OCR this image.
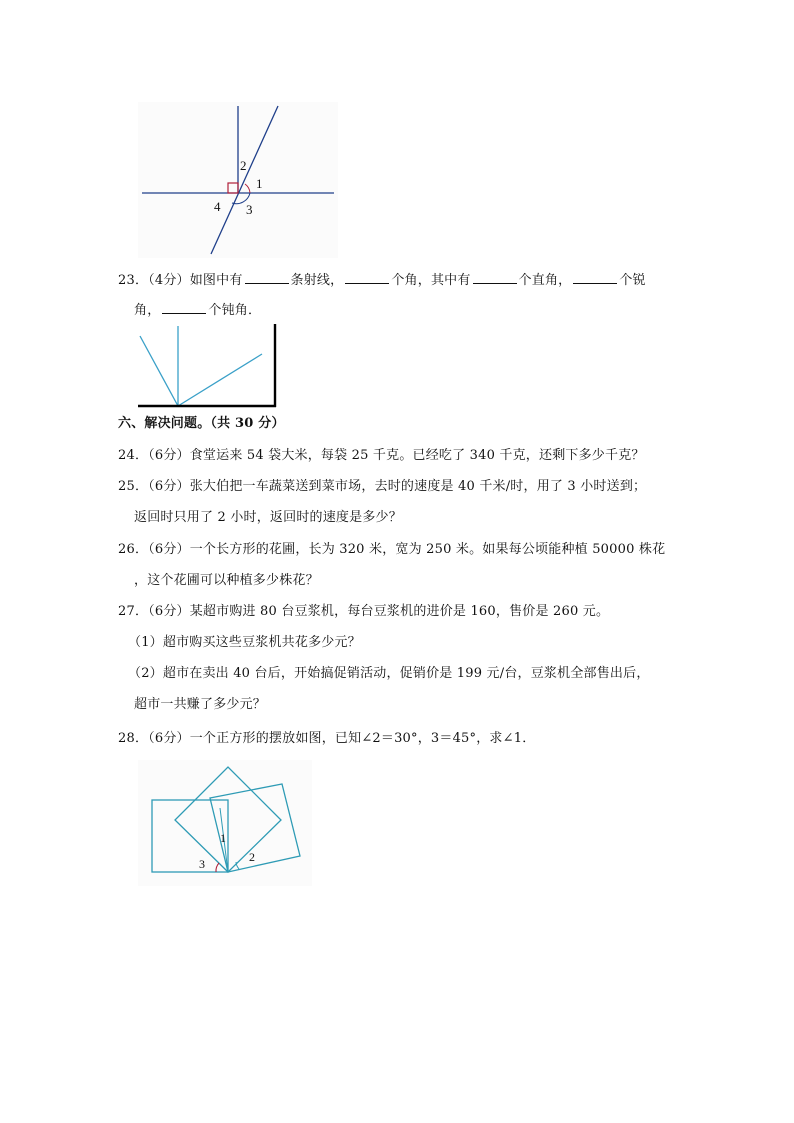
2
1
4 3
23．（4分）如图中有	条射线，	个角，其中有	个直角，	个锐
角，	个钝角．
六、解决问题。（共 30 分）
24．（6分）食堂运来 54 袋大米，每袋 25 千克。已经吃了 340 千克，还剩下多少千克？
25．（6分）张大伯把一车蔬菜送到菜市场，去时的速度是 40 千米/时，用了 3 小时送到；
返回时只用了 2 小时，返回时的速度是多少？
26．（6分）一个长方形的花圃，长为 320 米，宽为 250 米。如果每公顷能种植 50000 株花
，这个花圃可以种植多少株花？
27．（6分）某超市购进 80 台豆浆机，每台豆浆机的进价是 160，售价是 260 元。
（1）超市购买这些豆浆机共花多少元？
（2）超市在卖出 40 台后，开始搞促销活动，促销价是 199 元/台，豆浆机全部售出后，
超市一共赚了多少元？
28．（6分）一个正方形的摆放如图，已知∠2＝30°，3＝45°，求∠1．
1
2
3
